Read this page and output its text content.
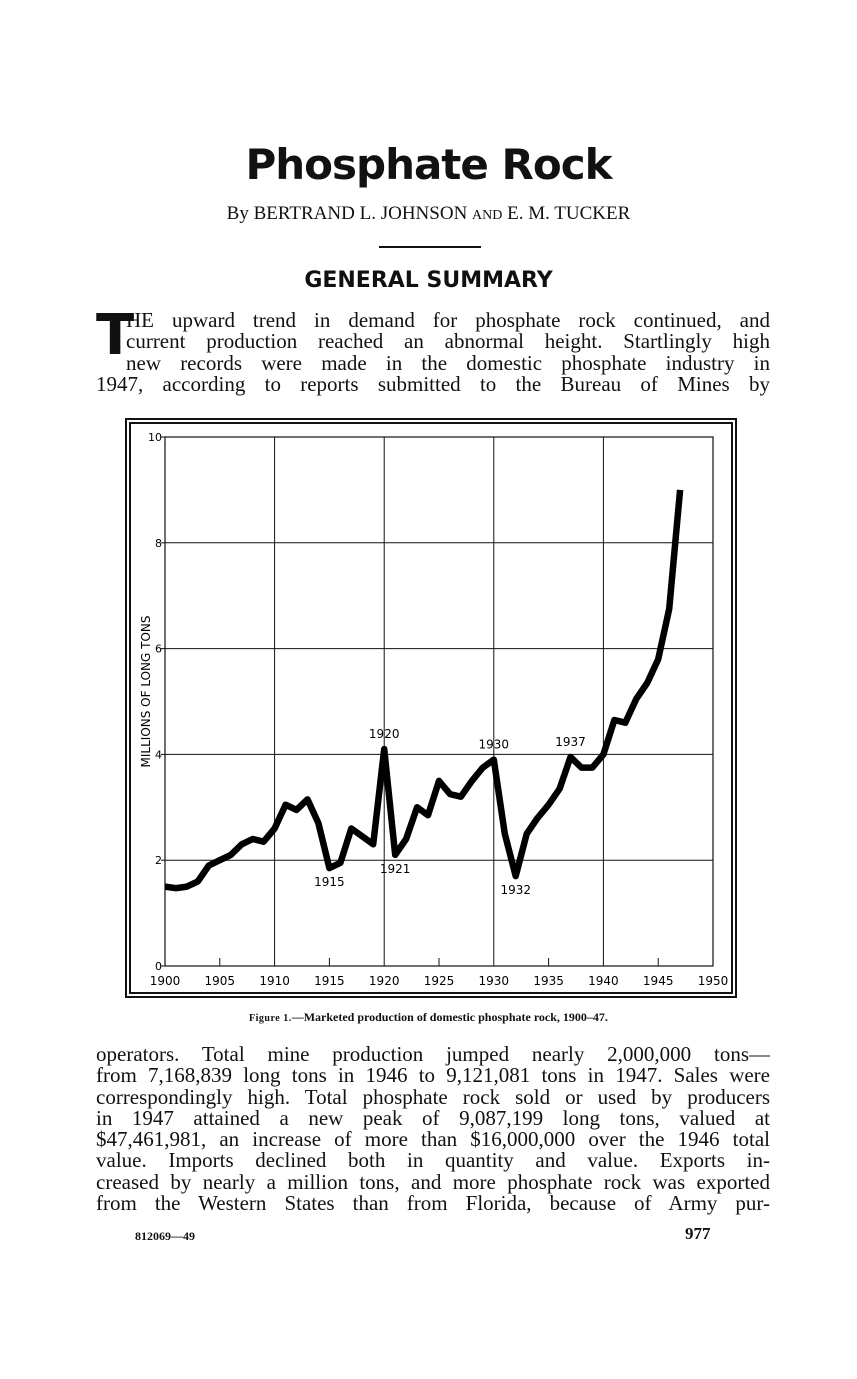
Phosphate Rock
By BERTRAND L. JOHNSON AND E. M. TUCKER
GENERAL SUMMARY
T

HE upward trend in demand for phosphate rock continued, and
current production reached an abnormal height. Startlingly high
new records were made in the domestic phosphate industry in
1947, according to reports submitted to the Bureau of Mines by

1900 1905 1910 1915 1920 1925 1930 1935 1940 1945 1950
0
2
4
6
8
10
MILLIONS OF LONG TONS
1915
1920
1921
1930
1932
1937
Figure 1.—Marketed production of domestic phosphate rock, 1900–47.

operators. Total mine production jumped nearly 2,000,000 tons—
from 7,168,839 long tons in 1946 to 9,121,081 tons in 1947. Sales were
correspondingly high. Total phosphate rock sold or used by producers
in 1947 attained a new peak of 9,087,199 long tons, valued at
$47,461,981, an increase of more than $16,000,000 over the 1946 total
value. Imports declined both in quantity and value. Exports in-
creased by nearly a million tons, and more phosphate rock was exported
from the Western States than from Florida, because of Army pur-

812069—49	977
